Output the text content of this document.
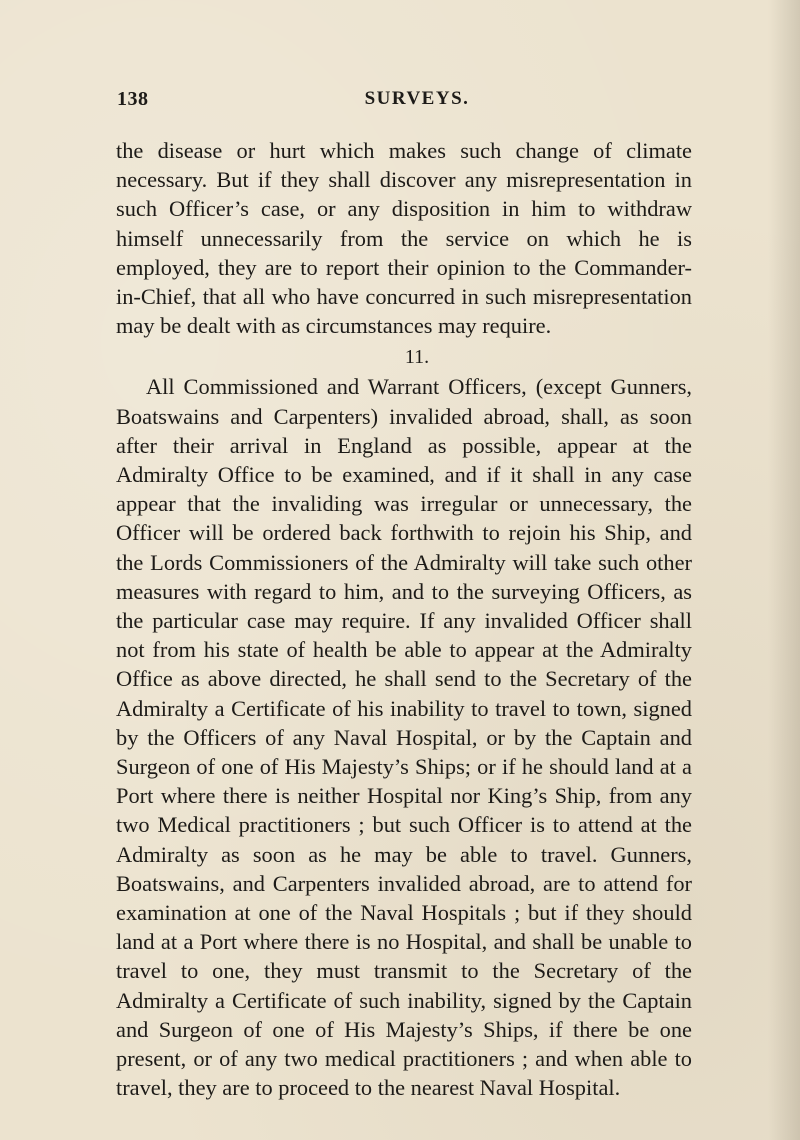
138	SURVEYS.

the disease or hurt which makes such change of climate necessary. But if they shall discover any misrepresentation in such Officer’s case, or any disposition in him to withdraw himself unnecessarily from the service on which he is employed, they are to report their opinion to the Commander-in-Chief, that all who have concurred in such misrepresentation may be dealt with as circumstances may require.

11.

All Commissioned and Warrant Officers, (except Gunners, Boatswains and Carpenters) invalided abroad, shall, as soon after their arrival in England as possible, appear at the Admiralty Office to be examined, and if it shall in any case appear that the invaliding was irregular or unnecessary, the Officer will be ordered back forthwith to rejoin his Ship, and the Lords Commissioners of the Admiralty will take such other measures with regard to him, and to the surveying Officers, as the particular case may require. If any invalided Officer shall not from his state of health be able to appear at the Admiralty Office as above directed, he shall send to the Secretary of the Admiralty a Certificate of his inability to travel to town, signed by the Officers of any Naval Hospital, or by the Captain and Surgeon of one of His Majesty’s Ships; or if he should land at a Port where there is neither Hospital nor King’s Ship, from any two Medical practitioners ; but such Officer is to attend at the Admiralty as soon as he may be able to travel. Gunners, Boatswains, and Carpenters invalided abroad, are to attend for examination at one of the Naval Hospitals ; but if they should land at a Port where there is no Hospital, and shall be unable to travel to one, they must transmit to the Secretary of the Admiralty a Certificate of such inability, signed by the Captain and Surgeon of one of His Majesty’s Ships, if there be one present, or of any two medical practitioners ; and when able to travel, they are to proceed to the nearest Naval Hospital.
